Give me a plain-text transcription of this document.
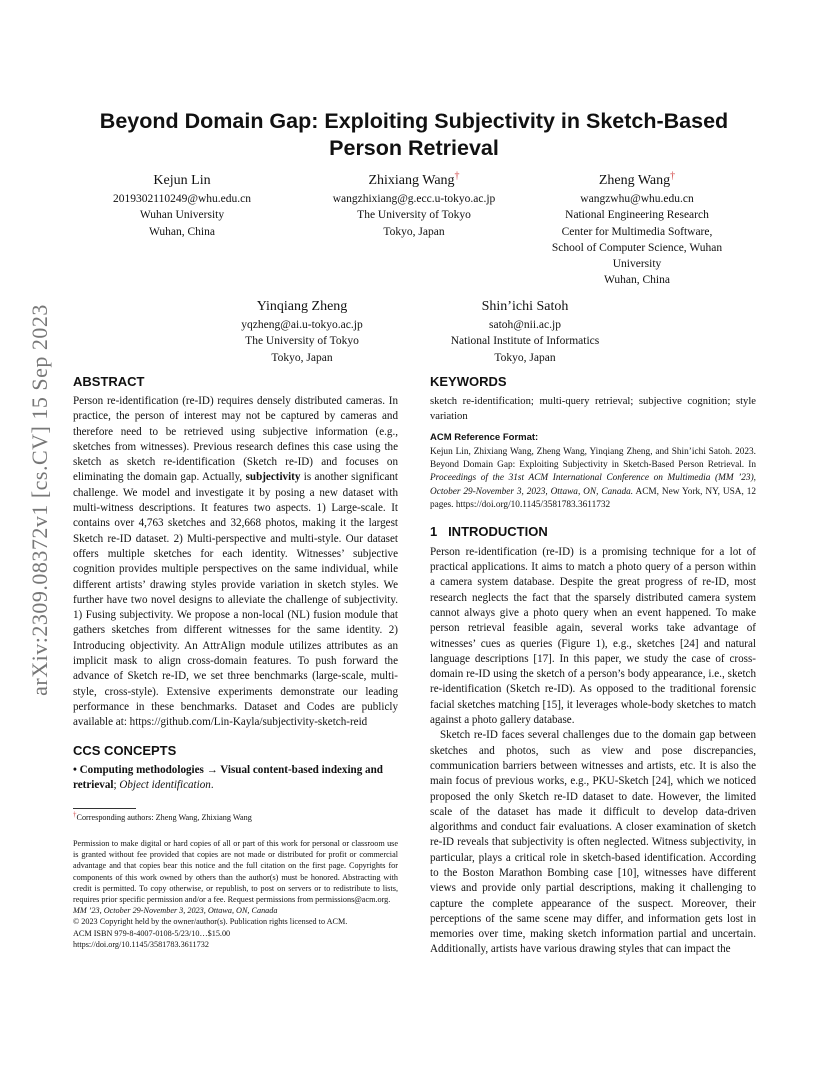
arXiv:2309.08372v1 [cs.CV] 15 Sep 2023
Beyond Domain Gap: Exploiting Subjectivity in Sketch-Based
Person Retrieval
Kejun Lin
2019302110249@whu.edu.cn
Wuhan University
Wuhan, China
Zhixiang Wang†
wangzhixiang@g.ecc.u-tokyo.ac.jp
The University of Tokyo
Tokyo, Japan
Zheng Wang†
wangzwhu@whu.edu.cn
National Engineering Research
Center for Multimedia Software,
School of Computer Science, Wuhan
University
Wuhan, China
Yinqiang Zheng
yqzheng@ai.u-tokyo.ac.jp
The University of Tokyo
Tokyo, Japan
Shin’ichi Satoh
satoh@nii.ac.jp
National Institute of Informatics
Tokyo, Japan
ABSTRACT

Person re-identification (re-ID) requires densely distributed cameras. In practice, the person of interest may not be captured by cameras and therefore need to be retrieved using subjective information (e.g., sketches from witnesses). Previous research defines this case using the sketch as sketch re-identification (Sketch re-ID) and focuses on eliminating the domain gap. Actually, subjectivity is another significant challenge. We model and investigate it by posing a new dataset with multi-witness descriptions. It features two aspects. 1) Large-scale. It contains over 4,763 sketches and 32,668 photos, making it the largest Sketch re-ID dataset. 2) Multi-perspective and multi-style. Our dataset offers multiple sketches for each identity. Witnesses’ subjective cognition provides multiple perspectives on the same individual, while different artists’ drawing styles provide variation in sketch styles. We further have two novel designs to alleviate the challenge of subjectivity. 1) Fusing subjectivity. We propose a non-local (NL) fusion module that gathers sketches from different witnesses for the same identity. 2) Introducing objectivity. An AttrAlign module utilizes attributes as an implicit mask to align cross-domain features. To push forward the advance of Sketch re-ID, we set three benchmarks (large-scale, multi-style, cross-style). Extensive experiments demonstrate our leading performance in these benchmarks. Dataset and Codes are publicly available at: https://github.com/Lin-Kayla/subjectivity-sketch-reid

CCS CONCEPTS

• Computing methodologies → Visual content-based indexing and retrieval; Object identification.

†Corresponding authors: Zheng Wang, Zhixiang Wang

Permission to make digital or hard copies of all or part of this work for personal or classroom use is granted without fee provided that copies are not made or distributed for profit or commercial advantage and that copies bear this notice and the full citation on the first page. Copyrights for components of this work owned by others than the author(s) must be honored. Abstracting with credit is permitted. To copy otherwise, or republish, to post on servers or to redistribute to lists, requires prior specific permission and/or a fee. Request permissions from permissions@acm.org.

MM ’23, October 29-November 3, 2023, Ottawa, ON, Canada

© 2023 Copyright held by the owner/author(s). Publication rights licensed to ACM.

ACM ISBN 979-8-4007-0108-5/23/10…$15.00

https://doi.org/10.1145/3581783.3611732

KEYWORDS

sketch re-identification; multi-query retrieval; subjective cognition; style variation

ACM Reference Format:

Kejun Lin, Zhixiang Wang, Zheng Wang, Yinqiang Zheng, and Shin’ichi Satoh. 2023. Beyond Domain Gap: Exploiting Subjectivity in Sketch-Based Person Retrieval. In Proceedings of the 31st ACM International Conference on Multimedia (MM ’23), October 29-November 3, 2023, Ottawa, ON, Canada. ACM, New York, NY, USA, 12 pages. https://doi.org/10.1145/3581783.3611732

1   INTRODUCTION

Person re-identification (re-ID) is a promising technique for a lot of practical applications. It aims to match a photo query of a person within a camera system database. Despite the great progress of re-ID, most research neglects the fact that the sparsely distributed camera system cannot always give a photo query when an event happened. To make person retrieval feasible again, several works take advantage of witnesses’ cues as queries (Figure 1), e.g., sketches [24] and natural language descriptions [17]. In this paper, we study the case of cross-domain re-ID using the sketch of a person’s body appearance, i.e., sketch re-identification (Sketch re-ID). As opposed to the traditional forensic facial sketches matching [15], it leverages whole-body sketches to match against a photo gallery database.

Sketch re-ID faces several challenges due to the domain gap between sketches and photos, such as view and pose discrepancies, communication barriers between witnesses and artists, etc. It is also the main focus of previous works, e.g., PKU-Sketch [24], which we noticed proposed the only Sketch re-ID dataset to date. However, the limited scale of the dataset has made it difficult to develop data-driven algorithms and conduct fair evaluations. A closer examination of sketch re-ID reveals that subjectivity is often neglected. Witness subjectivity, in particular, plays a critical role in sketch-based identification. According to the Boston Marathon Bombing case [10], witnesses have different views and provide only partial descriptions, making it challenging to capture the complete appearance of the suspect. Moreover, their perceptions of the same scene may differ, and information gets lost in memories over time, making sketch information partial and uncertain. Additionally, artists have various drawing styles that can impact the
